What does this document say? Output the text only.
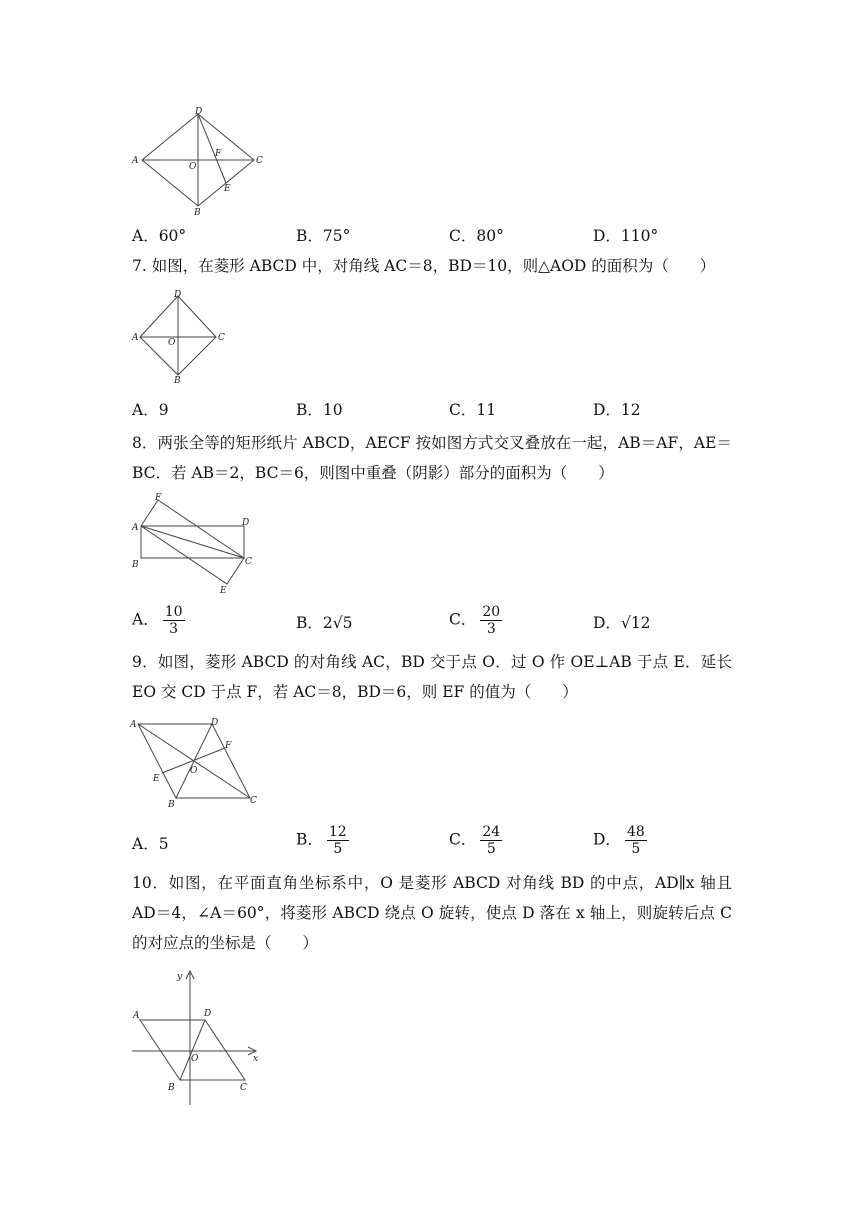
D
A
O
F
C
E
B
A．60°	B．75°	C．80°	D．110°
7. 如图，在菱形 ABCD 中，对角线 AC＝8，BD＝10，则△AOD 的面积为（　　）
D
A	O	C
B
A．9	B．10	C．11	D．12
8．两张全等的矩形纸片 ABCD，AECF 按如图方式交叉叠放在一起，AB＝AF，AE＝BC．若 AB＝2，BC＝6，则图中重叠（阴影）部分的面积为（　　）
F
A	D
B	C
E
A． $\frac{10}{3}$	B．2√5	C． $\frac{20}{3}$	D．√12
9．如图，菱形 ABCD 的对角线 AC，BD 交于点 O．过 O 作 OE⊥AB 于点 E．延长 EO 交 CD 于点 F，若 AC＝8，BD＝6，则 EF 的值为（　　）
A	D
F
O
E
B	C
A．5	B． $\frac{12}{5}$	C． $\frac{24}{5}$	D． $\frac{48}{5}$
10．如图，在平面直角坐标系中，O 是菱形 ABCD 对角线 BD 的中点，AD∥x 轴且 AD＝4，∠A＝60°，将菱形 ABCD 绕点 O 旋转，使点 D 落在 x 轴上，则旋转后点 C 的对应点的坐标是（　　）
y
A	D
O	x
B	C
